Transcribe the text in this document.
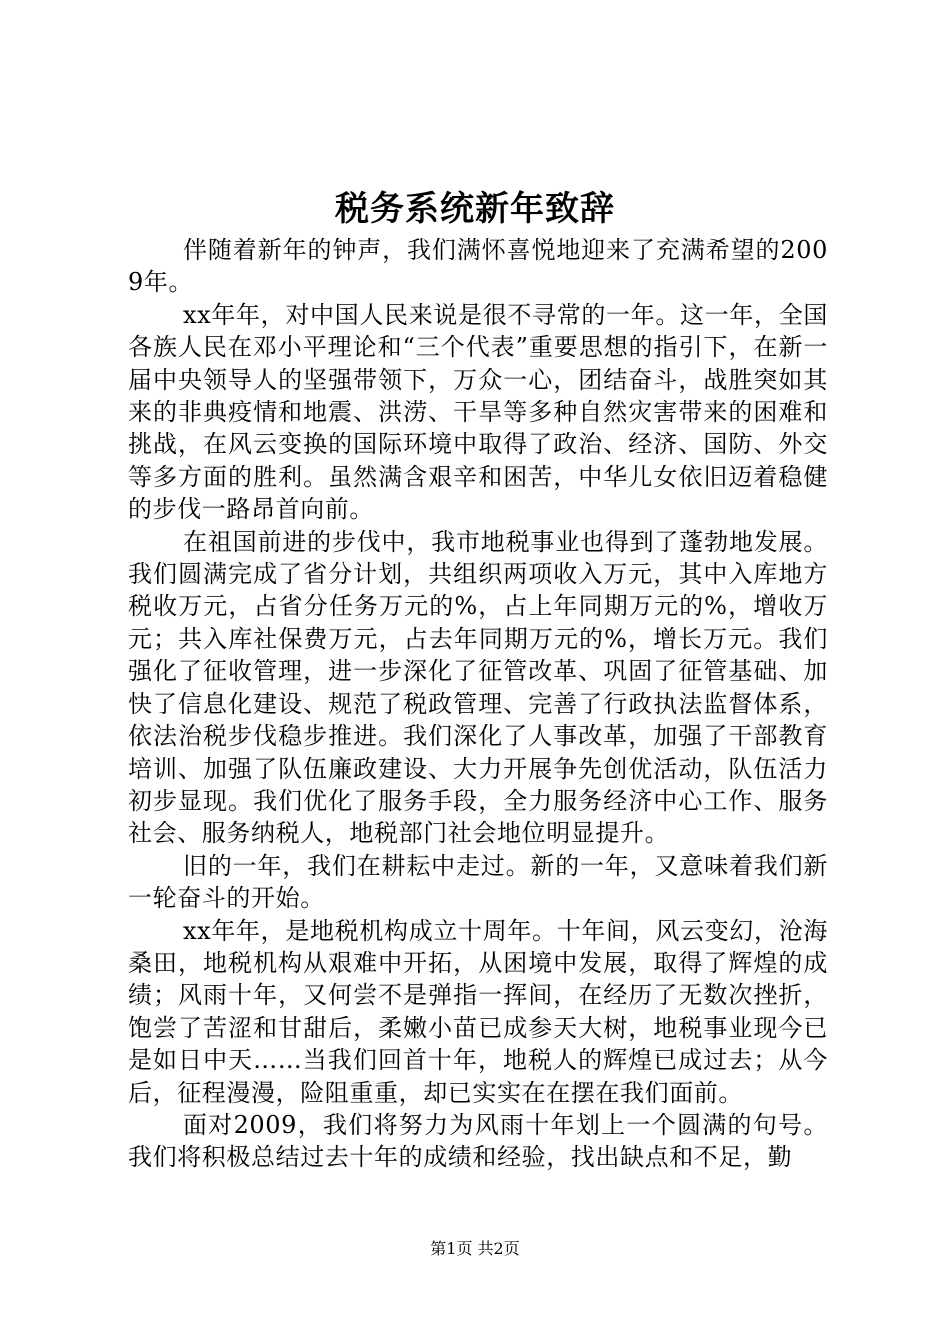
税务系统新年致辞

伴随着新年的钟声，我们满怀喜悦地迎来了充满希望的2009年。

xx年年，对中国人民来说是很不寻常的一年。这一年，全国各族人民在邓小平理论和“三个代表”重要思想的指引下，在新一届中央领导人的坚强带领下，万众一心，团结奋斗，战胜突如其来的非典疫情和地震、洪涝、干旱等多种自然灾害带来的困难和挑战，在风云变换的国际环境中取得了政治、经济、国防、外交等多方面的胜利。虽然满含艰辛和困苦，中华儿女依旧迈着稳健的步伐一路昂首向前。

在祖国前进的步伐中，我市地税事业也得到了蓬勃地发展。我们圆满完成了省分计划，共组织两项收入万元，其中入库地方税收万元，占省分任务万元的%，占上年同期万元的%，增收万元；共入库社保费万元，占去年同期万元的%，增长万元。我们强化了征收管理，进一步深化了征管改革、巩固了征管基础、加快了信息化建设、规范了税政管理、完善了行政执法监督体系，依法治税步伐稳步推进。我们深化了人事改革，加强了干部教育培训、加强了队伍廉政建设、大力开展争先创优活动，队伍活力初步显现。我们优化了服务手段，全力服务经济中心工作、服务社会、服务纳税人，地税部门社会地位明显提升。

旧的一年，我们在耕耘中走过。新的一年，又意味着我们新一轮奋斗的开始。

xx年年，是地税机构成立十周年。十年间，风云变幻，沧海桑田，地税机构从艰难中开拓，从困境中发展，取得了辉煌的成绩；风雨十年，又何尝不是弹指一挥间，在经历了无数次挫折，饱尝了苦涩和甘甜后，柔嫩小苗已成参天大树，地税事业现今已是如日中天……当我们回首十年，地税人的辉煌已成过去；从今后，征程漫漫，险阻重重，却已实实在在摆在我们面前。

面对2009，我们将努力为风雨十年划上一个圆满的句号。我们将积极总结过去十年的成绩和经验，找出缺点和不足，勤

第1页 共2页
